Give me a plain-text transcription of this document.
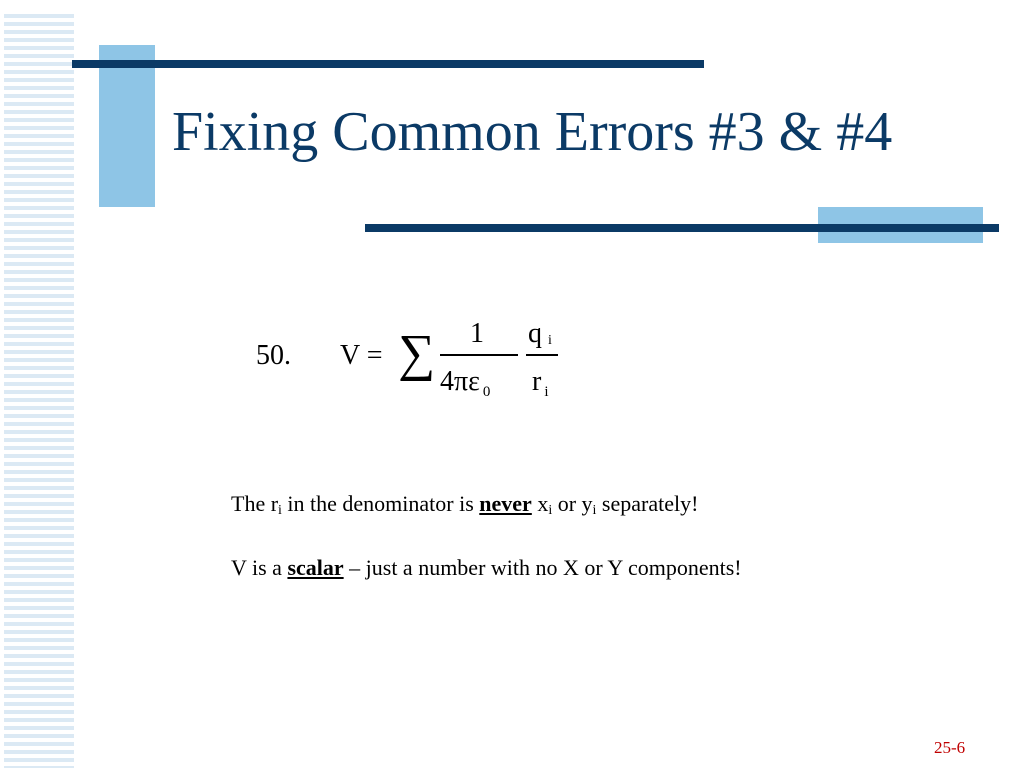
Fixing Common Errors #3 & #4
50. V = ∑ 1
4πε $_0$
qi
r $_i$
The $r_i$ in the denominator is never $x_i$ or $y_i$ separately!
V is a scalar – just a number with no X or Y components!
25-6
